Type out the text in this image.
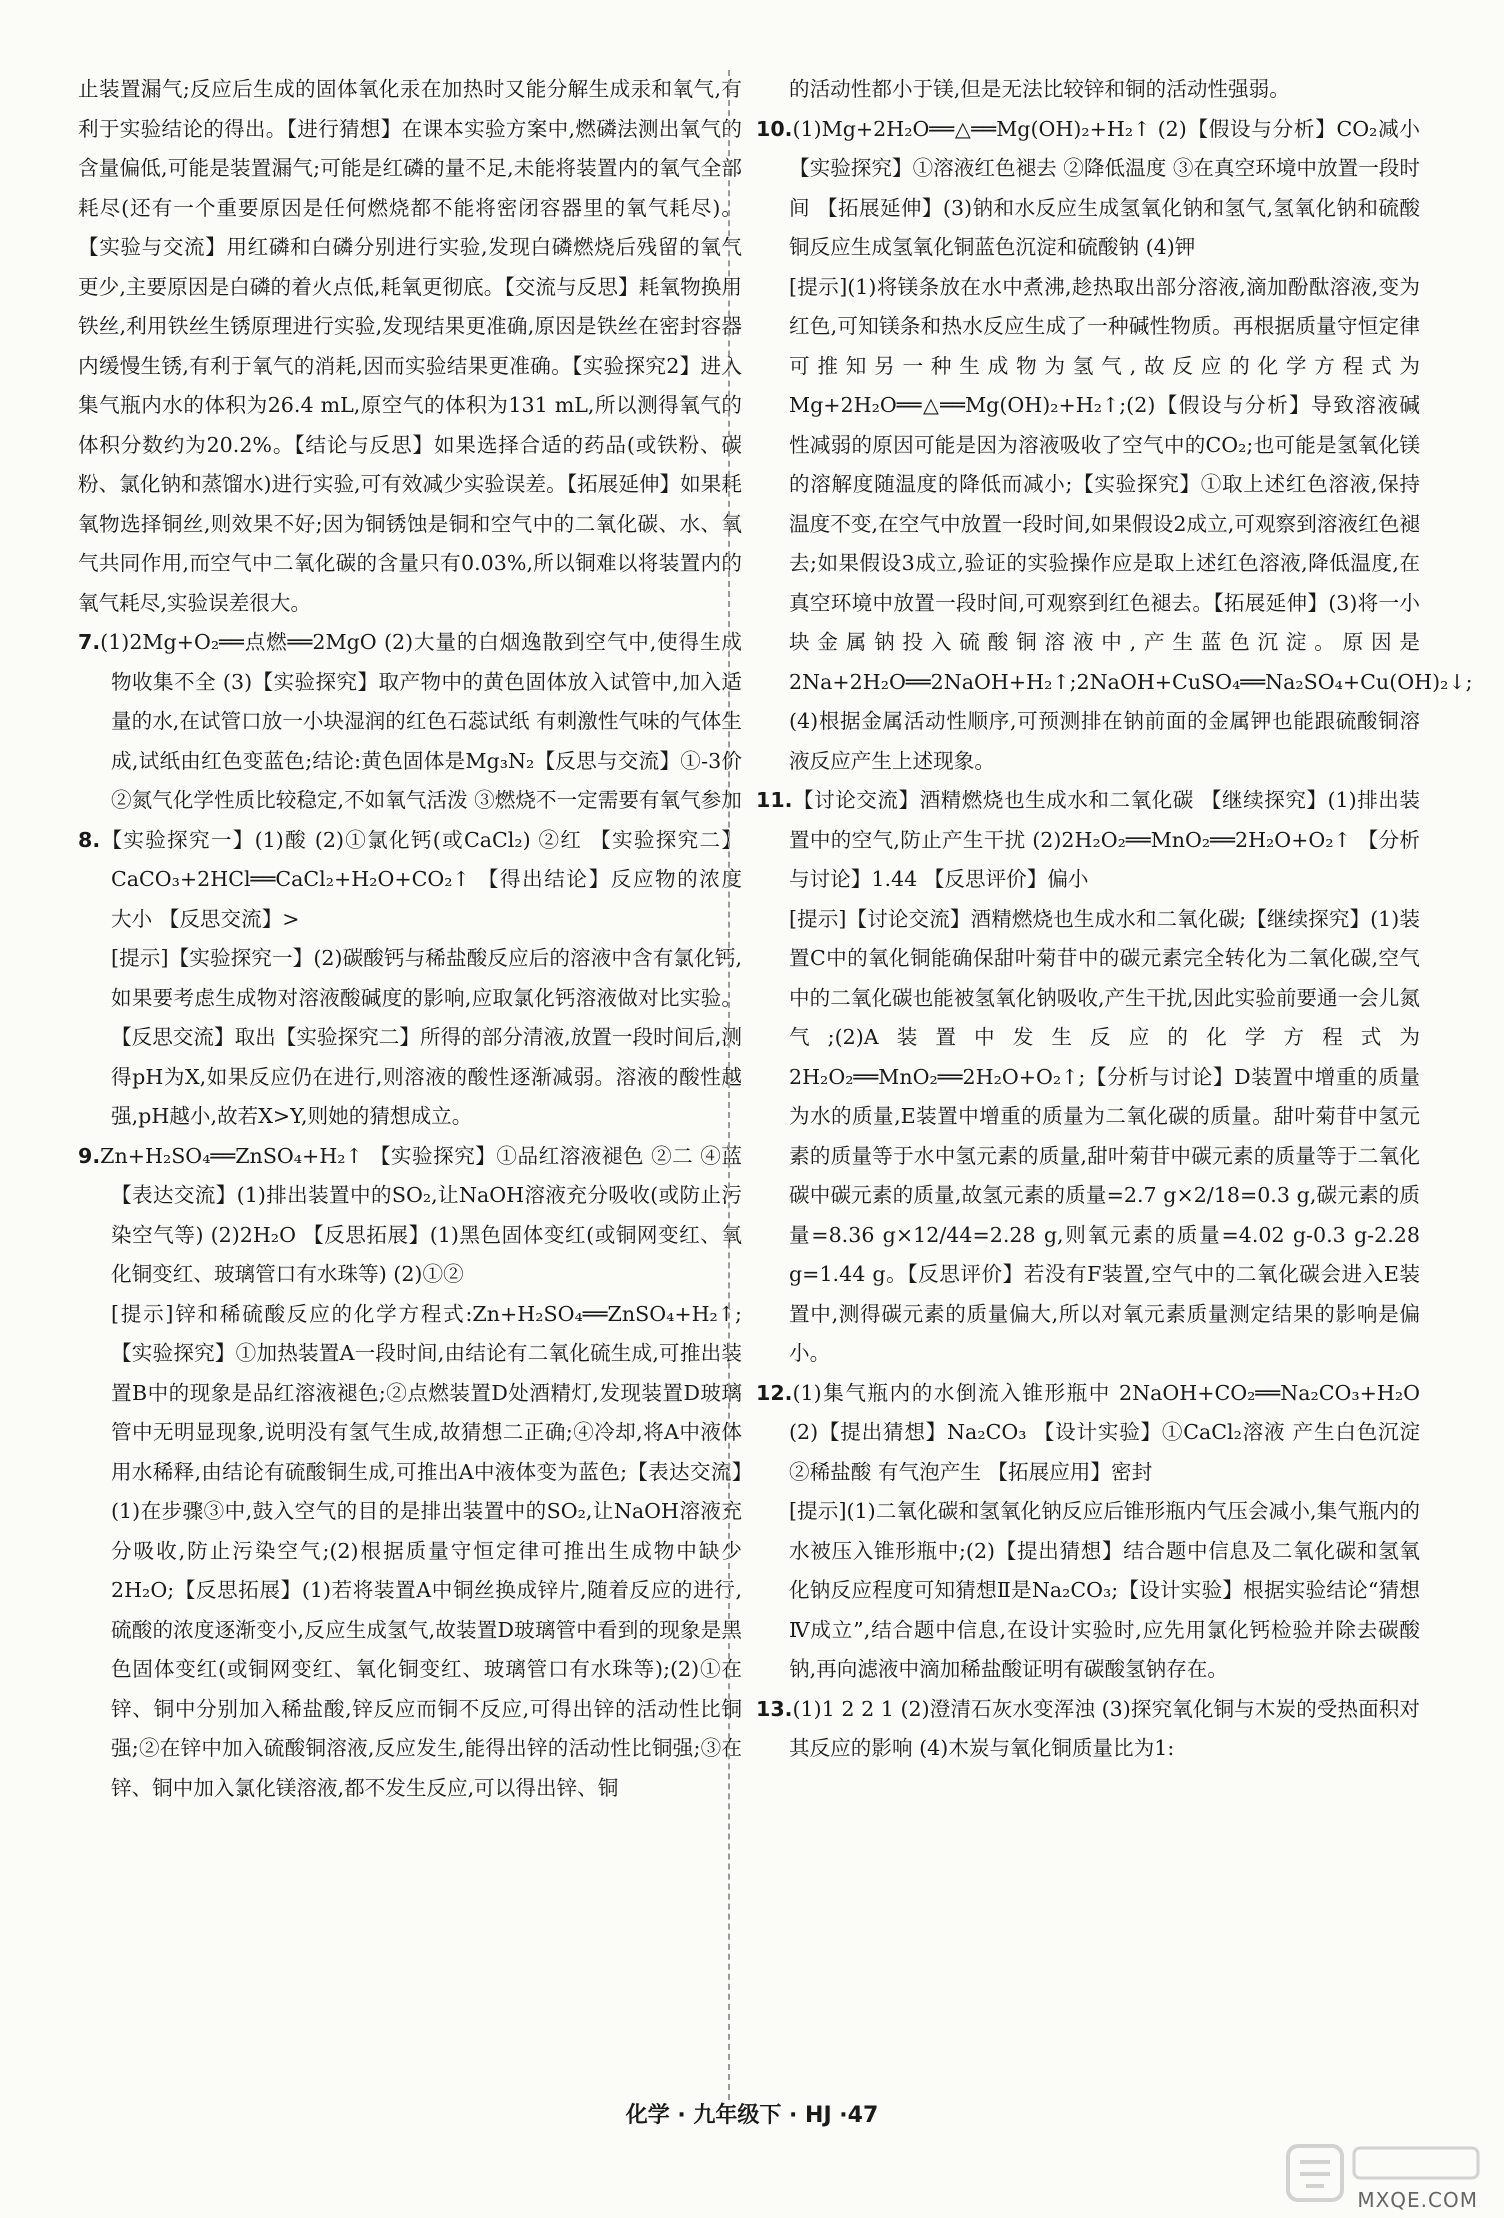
止装置漏气;反应后生成的固体氧化汞在加热时又能分解生成汞和氧气,有利于实验结论的得出。【进行猜想】在课本实验方案中,燃磷法测出氧气的含量偏低,可能是装置漏气;可能是红磷的量不足,未能将装置内的氧气全部耗尽(还有一个重要原因是任何燃烧都不能将密闭容器里的氧气耗尽)。【实验与交流】用红磷和白磷分别进行实验,发现白磷燃烧后残留的氧气更少,主要原因是白磷的着火点低,耗氧更彻底。【交流与反思】耗氧物换用铁丝,利用铁丝生锈原理进行实验,发现结果更准确,原因是铁丝在密封容器内缓慢生锈,有利于氧气的消耗,因而实验结果更准确。【实验探究2】进入集气瓶内水的体积为26.4 mL,原空气的体积为131 mL,所以测得氧气的体积分数约为20.2%。【结论与反思】如果选择合适的药品(或铁粉、碳粉、氯化钠和蒸馏水)进行实验,可有效减少实验误差。【拓展延伸】如果耗氧物选择铜丝,则效果不好;因为铜锈蚀是铜和空气中的二氧化碳、水、氧气共同作用,而空气中二氧化碳的含量只有0.03%,所以铜难以将装置内的氧气耗尽,实验误差很大。

7.(1)2Mg+O₂══点燃══2MgO (2)大量的白烟逸散到空气中,使得生成物收集不全 (3)【实验探究】取产物中的黄色固体放入试管中,加入适量的水,在试管口放一小块湿润的红色石蕊试纸 有刺激性气味的气体生成,试纸由红色变蓝色;结论:黄色固体是Mg₃N₂【反思与交流】①-3价 ②氮气化学性质比较稳定,不如氧气活泼 ③燃烧不一定需要有氧气参加

8.【实验探究一】(1)酸 (2)①氯化钙(或CaCl₂) ②红 【实验探究二】CaCO₃+2HCl══CaCl₂+H₂O+CO₂↑ 【得出结论】反应物的浓度大小 【反思交流】>

[提示]【实验探究一】(2)碳酸钙与稀盐酸反应后的溶液中含有氯化钙,如果要考虑生成物对溶液酸碱度的影响,应取氯化钙溶液做对比实验。【反思交流】取出【实验探究二】所得的部分清液,放置一段时间后,测得pH为X,如果反应仍在进行,则溶液的酸性逐渐减弱。溶液的酸性越强,pH越小,故若X>Y,则她的猜想成立。

9.Zn+H₂SO₄══ZnSO₄+H₂↑ 【实验探究】①品红溶液褪色 ②二 ④蓝 【表达交流】(1)排出装置中的SO₂,让NaOH溶液充分吸收(或防止污染空气等) (2)2H₂O 【反思拓展】(1)黑色固体变红(或铜网变红、氧化铜变红、玻璃管口有水珠等) (2)①②

[提示]锌和稀硫酸反应的化学方程式:Zn+H₂SO₄══ZnSO₄+H₂↑;【实验探究】①加热装置A一段时间,由结论有二氧化硫生成,可推出装置B中的现象是品红溶液褪色;②点燃装置D处酒精灯,发现装置D玻璃管中无明显现象,说明没有氢气生成,故猜想二正确;④冷却,将A中液体用水稀释,由结论有硫酸铜生成,可推出A中液体变为蓝色;【表达交流】(1)在步骤③中,鼓入空气的目的是排出装置中的SO₂,让NaOH溶液充分吸收,防止污染空气;(2)根据质量守恒定律可推出生成物中缺少2H₂O;【反思拓展】(1)若将装置A中铜丝换成锌片,随着反应的进行,硫酸的浓度逐渐变小,反应生成氢气,故装置D玻璃管中看到的现象是黑色固体变红(或铜网变红、氧化铜变红、玻璃管口有水珠等);(2)①在锌、铜中分别加入稀盐酸,锌反应而铜不反应,可得出锌的活动性比铜强;②在锌中加入硫酸铜溶液,反应发生,能得出锌的活动性比铜强;③在锌、铜中加入氯化镁溶液,都不发生反应,可以得出锌、铜

的活动性都小于镁,但是无法比较锌和铜的活动性强弱。

10.(1)Mg+2H₂O══△══Mg(OH)₂+H₂↑ (2)【假设与分析】CO₂减小 【实验探究】①溶液红色褪去 ②降低温度 ③在真空环境中放置一段时间 【拓展延伸】(3)钠和水反应生成氢氧化钠和氢气,氢氧化钠和硫酸铜反应生成氢氧化铜蓝色沉淀和硫酸钠 (4)钾

[提示](1)将镁条放在水中煮沸,趁热取出部分溶液,滴加酚酞溶液,变为红色,可知镁条和热水反应生成了一种碱性物质。再根据质量守恒定律可推知另一种生成物为氢气,故反应的化学方程式为Mg+2H₂O══△══Mg(OH)₂+H₂↑;(2)【假设与分析】导致溶液碱性减弱的原因可能是因为溶液吸收了空气中的CO₂;也可能是氢氧化镁的溶解度随温度的降低而减小;【实验探究】①取上述红色溶液,保持温度不变,在空气中放置一段时间,如果假设2成立,可观察到溶液红色褪去;如果假设3成立,验证的实验操作应是取上述红色溶液,降低温度,在真空环境中放置一段时间,可观察到红色褪去。【拓展延伸】(3)将一小块金属钠投入硫酸铜溶液中,产生蓝色沉淀。原因是2Na+2H₂O══2NaOH+H₂↑;2NaOH+CuSO₄══Na₂SO₄+Cu(OH)₂↓;(4)根据金属活动性顺序,可预测排在钠前面的金属钾也能跟硫酸铜溶液反应产生上述现象。

11.【讨论交流】酒精燃烧也生成水和二氧化碳 【继续探究】(1)排出装置中的空气,防止产生干扰 (2)2H₂O₂══MnO₂══2H₂O+O₂↑ 【分析与讨论】1.44 【反思评价】偏小

[提示]【讨论交流】酒精燃烧也生成水和二氧化碳;【继续探究】(1)装置C中的氧化铜能确保甜叶菊苷中的碳元素完全转化为二氧化碳,空气中的二氧化碳也能被氢氧化钠吸收,产生干扰,因此实验前要通一会儿氮气;(2)A装置中发生反应的化学方程式为2H₂O₂══MnO₂══2H₂O+O₂↑;【分析与讨论】D装置中增重的质量为水的质量,E装置中增重的质量为二氧化碳的质量。甜叶菊苷中氢元素的质量等于水中氢元素的质量,甜叶菊苷中碳元素的质量等于二氧化碳中碳元素的质量,故氢元素的质量=2.7 g×2/18=0.3 g,碳元素的质量=8.36 g×12/44=2.28 g,则氧元素的质量=4.02 g-0.3 g-2.28 g=1.44 g。【反思评价】若没有F装置,空气中的二氧化碳会进入E装置中,测得碳元素的质量偏大,所以对氧元素质量测定结果的影响是偏小。

12.(1)集气瓶内的水倒流入锥形瓶中 2NaOH+CO₂══Na₂CO₃+H₂O (2)【提出猜想】Na₂CO₃ 【设计实验】①CaCl₂溶液 产生白色沉淀 ②稀盐酸 有气泡产生 【拓展应用】密封

[提示](1)二氧化碳和氢氧化钠反应后锥形瓶内气压会减小,集气瓶内的水被压入锥形瓶中;(2)【提出猜想】结合题中信息及二氧化碳和氢氧化钠反应程度可知猜想Ⅱ是Na₂CO₃;【设计实验】根据实验结论“猜想Ⅳ成立”,结合题中信息,在设计实验时,应先用氯化钙检验并除去碳酸钠,再向滤液中滴加稀盐酸证明有碳酸氢钠存在。

13.(1)1 2 2 1 (2)澄清石灰水变浑浊 (3)探究氧化铜与木炭的受热面积对其反应的影响 (4)木炭与氧化铜质量比为1:

化学 · 九年级下 · HJ ·47
MXQE.COM
